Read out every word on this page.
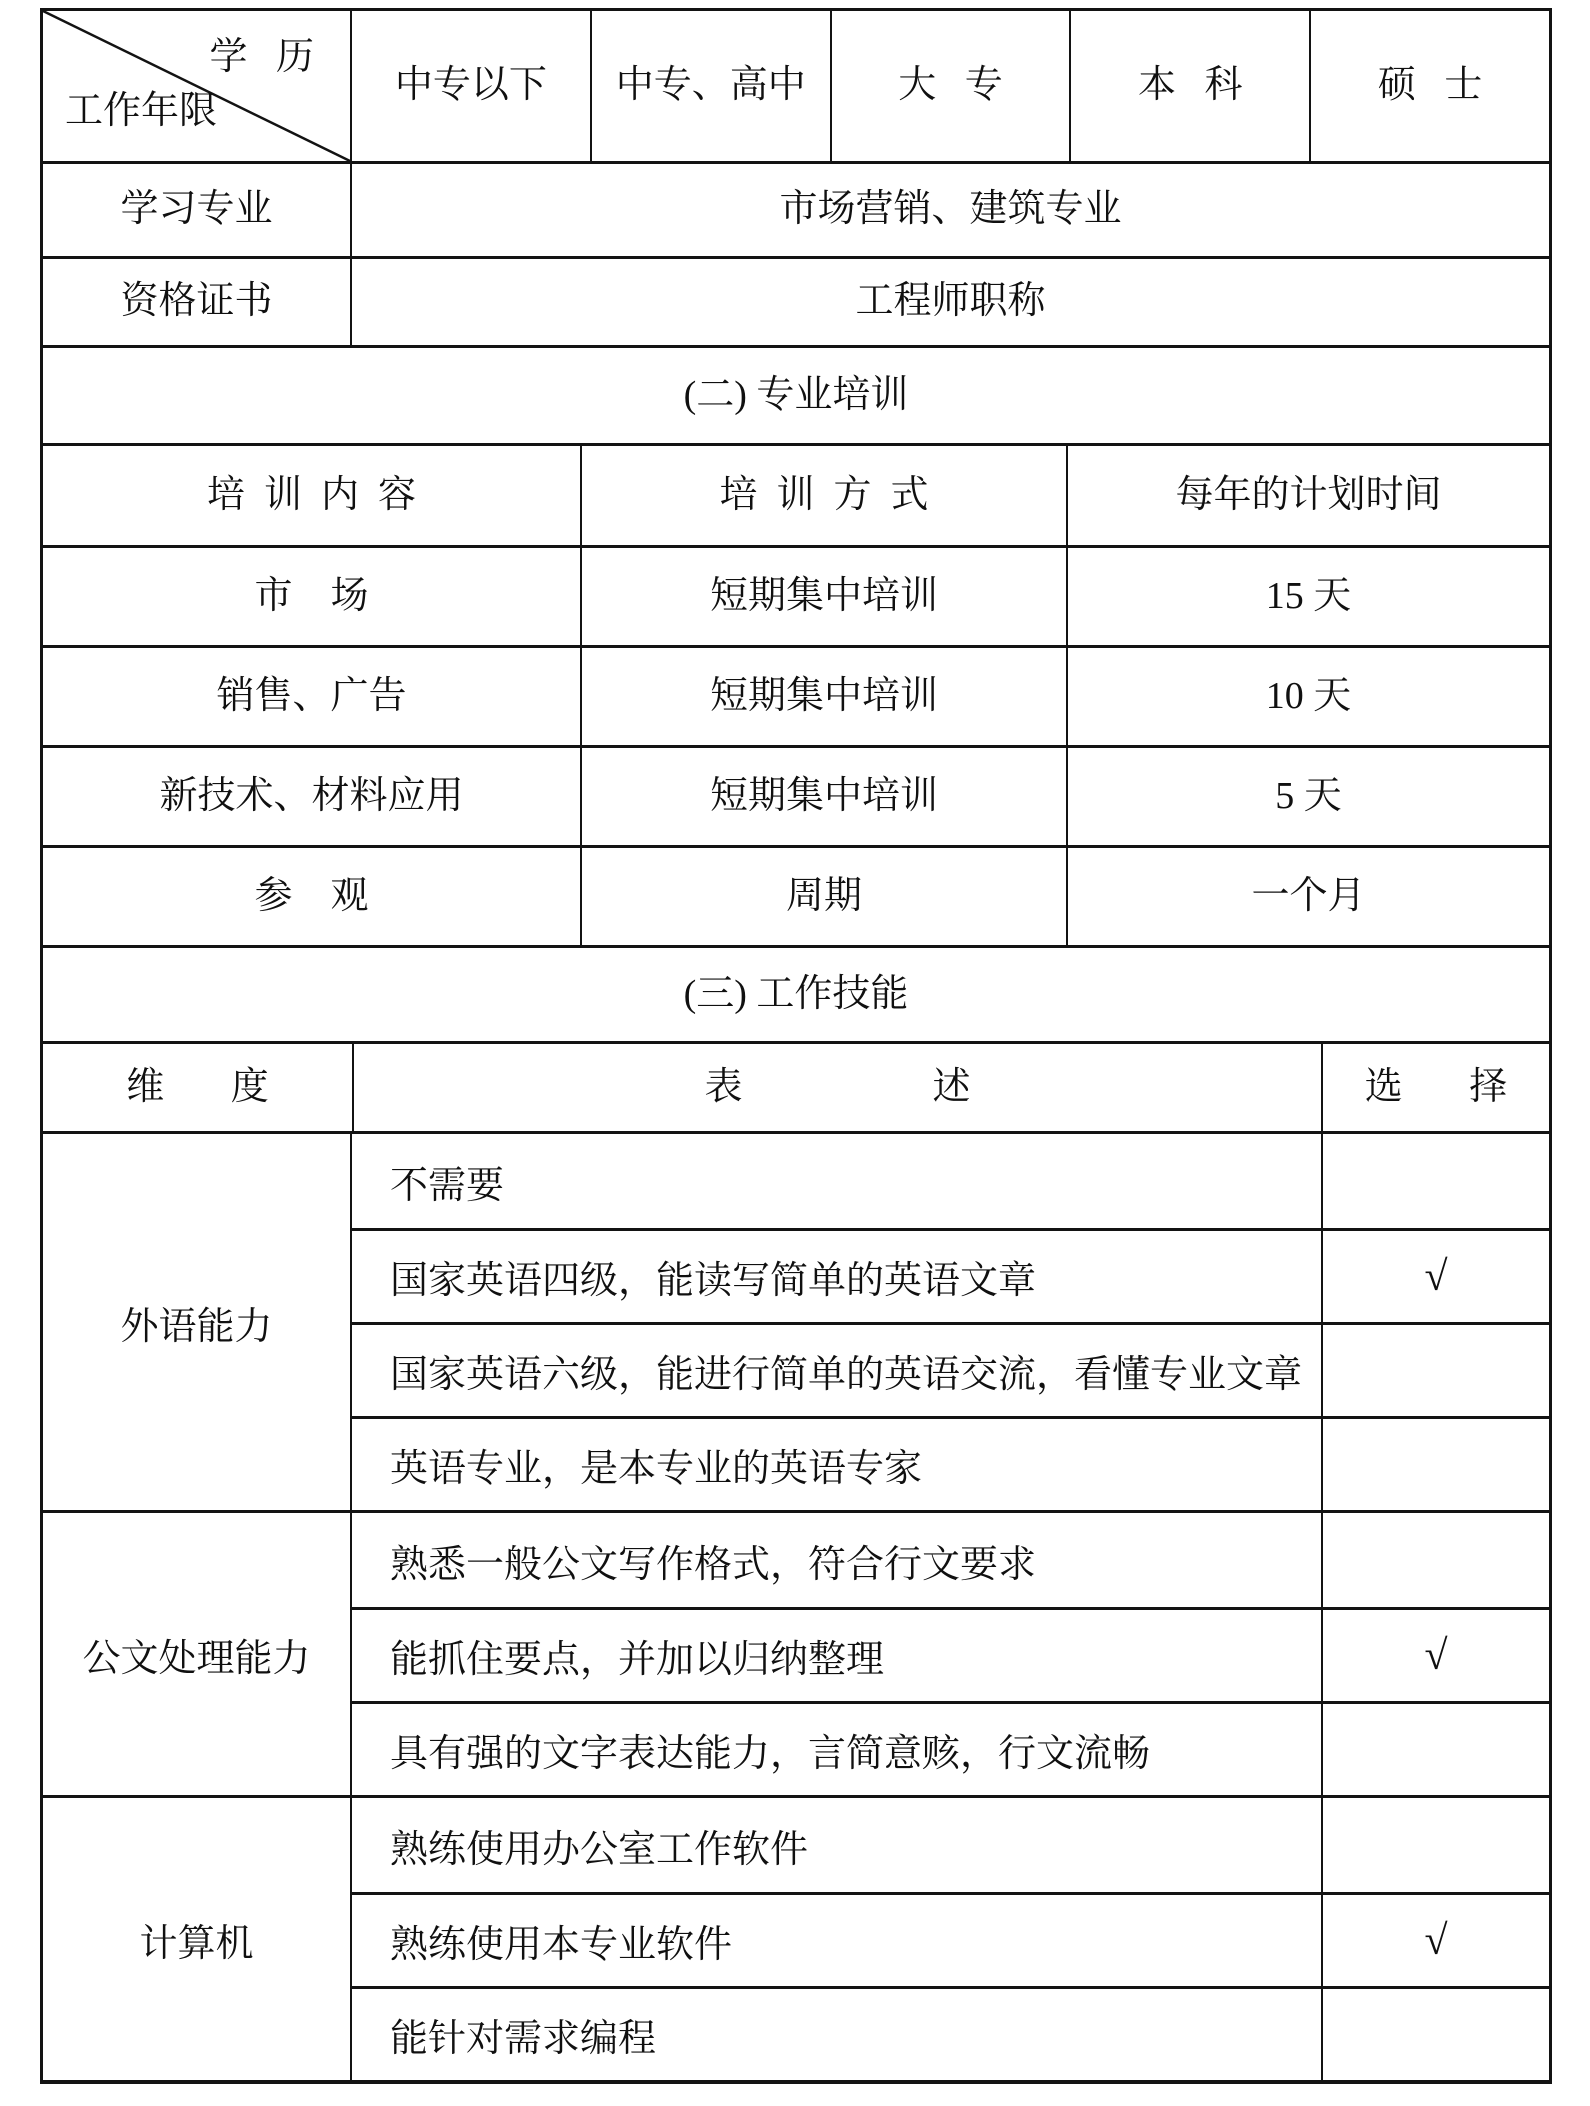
学   历
工作年限
中专以下	中专、高中	大   专	本   科	硕   士
学习专业	市场营销、建筑专业
资格证书	工程师职称
(二) 专业培训
培  训  内  容	培  训  方  式	每年的计划时间
市    场	短期集中培训	15 天
销售、广告	短期集中培训	10 天
新技术、材料应用	短期集中培训	5 天
参    观	周期	一个月
(三) 工作技能
维       度	表                    述	选       择
外语能力
不需要
国家英语四级，能读写简单的英语文章	√
国家英语六级，能进行简单的英语交流，看懂专业文章
英语专业，是本专业的英语专家
公文处理能力
熟悉一般公文写作格式，符合行文要求
能抓住要点，并加以归纳整理	√
具有强的文字表达能力，言简意赅，行文流畅
计算机
熟练使用办公室工作软件
熟练使用本专业软件	√
能针对需求编程
